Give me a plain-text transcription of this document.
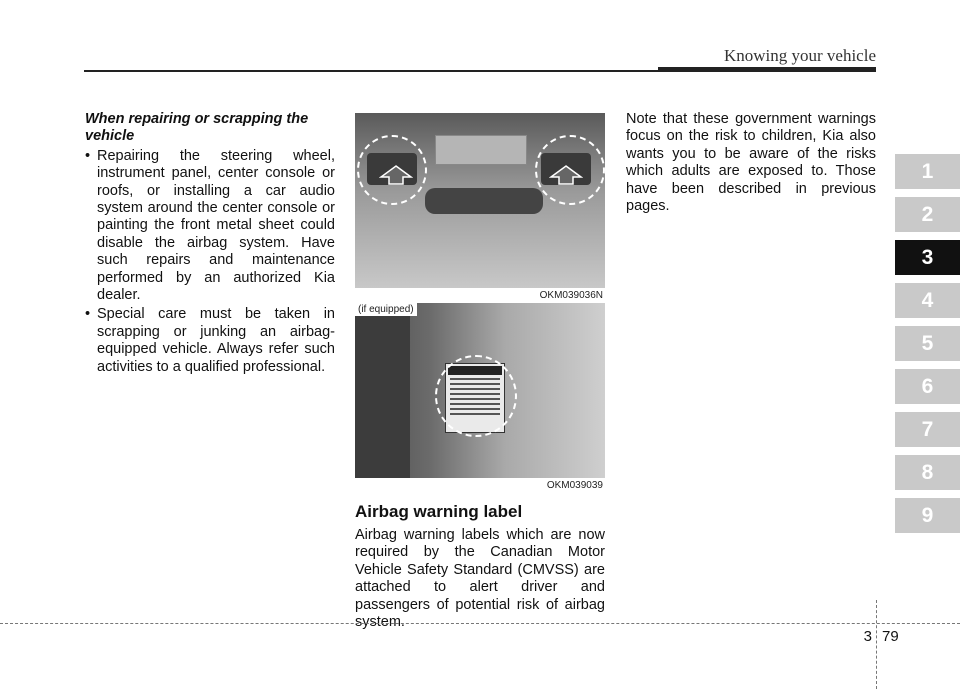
Knowing your vehicle
When repairing or scrapping the vehicle
• Repairing the steering wheel, instrument panel, center console or roofs, or installing a car audio system around the center console or painting the front metal sheet could disable the airbag system. Have such repairs and maintenance performed by an authorized Kia dealer.
• Special care must be taken in scrapping or junking an airbag-equipped vehicle. Always refer such activities to a qualified professional.
OKM039036N
(if equipped)
OKM039039
Airbag warning label

Airbag warning labels which are now required by the Canadian Motor Vehicle Safety Standard (CMVSS) are attached to alert driver and passengers of potential risk of airbag system.

Note that these government warnings focus on the risk to children, Kia also wants you to be aware of the risks which adults are exposed to. Those have been described in previous pages.
1
2
3
4
5
6
7
8
9
3 79
